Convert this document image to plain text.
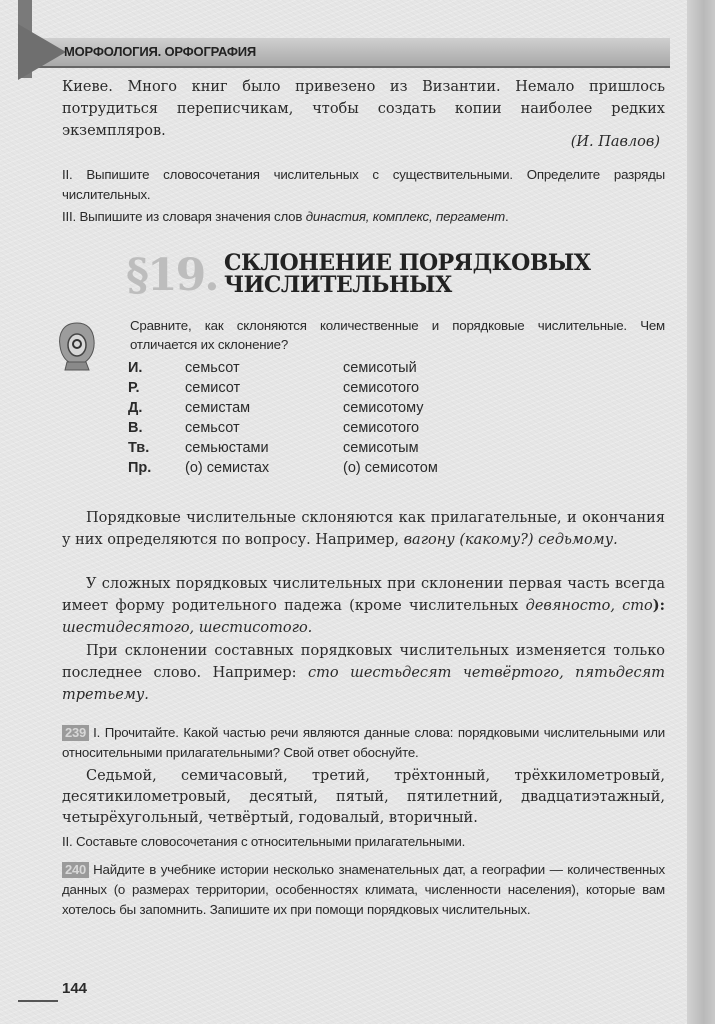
МОРФОЛОГИЯ. ОРФОГРАФИЯ
Киеве. Много книг было привезено из Византии. Немало пришлось потрудиться переписчикам, чтобы создать копии наиболее редких экземпляров.
(И. Павлов)
II. Выпишите словосочетания числительных с существительными. Определите разряды числительных.
III. Выпишите из словаря значения слов династия, комплекс, пергамент.
§19. СКЛОНЕНИЕ ПОРЯДКОВЫХ
ЧИСЛИТЕЛЬНЫХ
Сравните, как склоняются количественные и порядковые числительные. Чем отличается их склонение?
И.	семьсот	семисотый
Р.	семисот	семисотого
Д.	семистам	семисотому
В.	семьсот	семисотого
Тв.	семьюстами	семисотым
Пр.	(о) семистах	(о) семисотом
Порядковые числительные склоняются как прилагательные, и окончания у них определяются по вопросу. Например, вагону (какому?) седьмому.
У сложных порядковых числительных при склонении первая часть всегда имеет форму родительного падежа (кроме числительных девяносто, сто): шестидесятого, шестисотого.
При склонении составных порядковых числительных изменяется только последнее слово. Например: сто шестьдесят четвёртого, пятьдесят третьему.
239 I. Прочитайте. Какой частью речи являются данные слова: порядковыми числительными или относительными прилагательными? Свой ответ обоснуйте.
Седьмой, семичасовый, третий, трёхтонный, трёхкилометровый, десятикилометровый, десятый, пятый, пятилетний, двадцатиэтажный, четырёхугольный, четвёртый, годовалый, вторичный.
II. Составьте словосочетания с относительными прилагательными.
240 Найдите в учебнике истории несколько знаменательных дат, а географии — количественных данных (о размерах территории, особенностях климата, численности населения), которые вам хотелось бы запомнить. Запишите их при помощи порядковых числительных.
144
